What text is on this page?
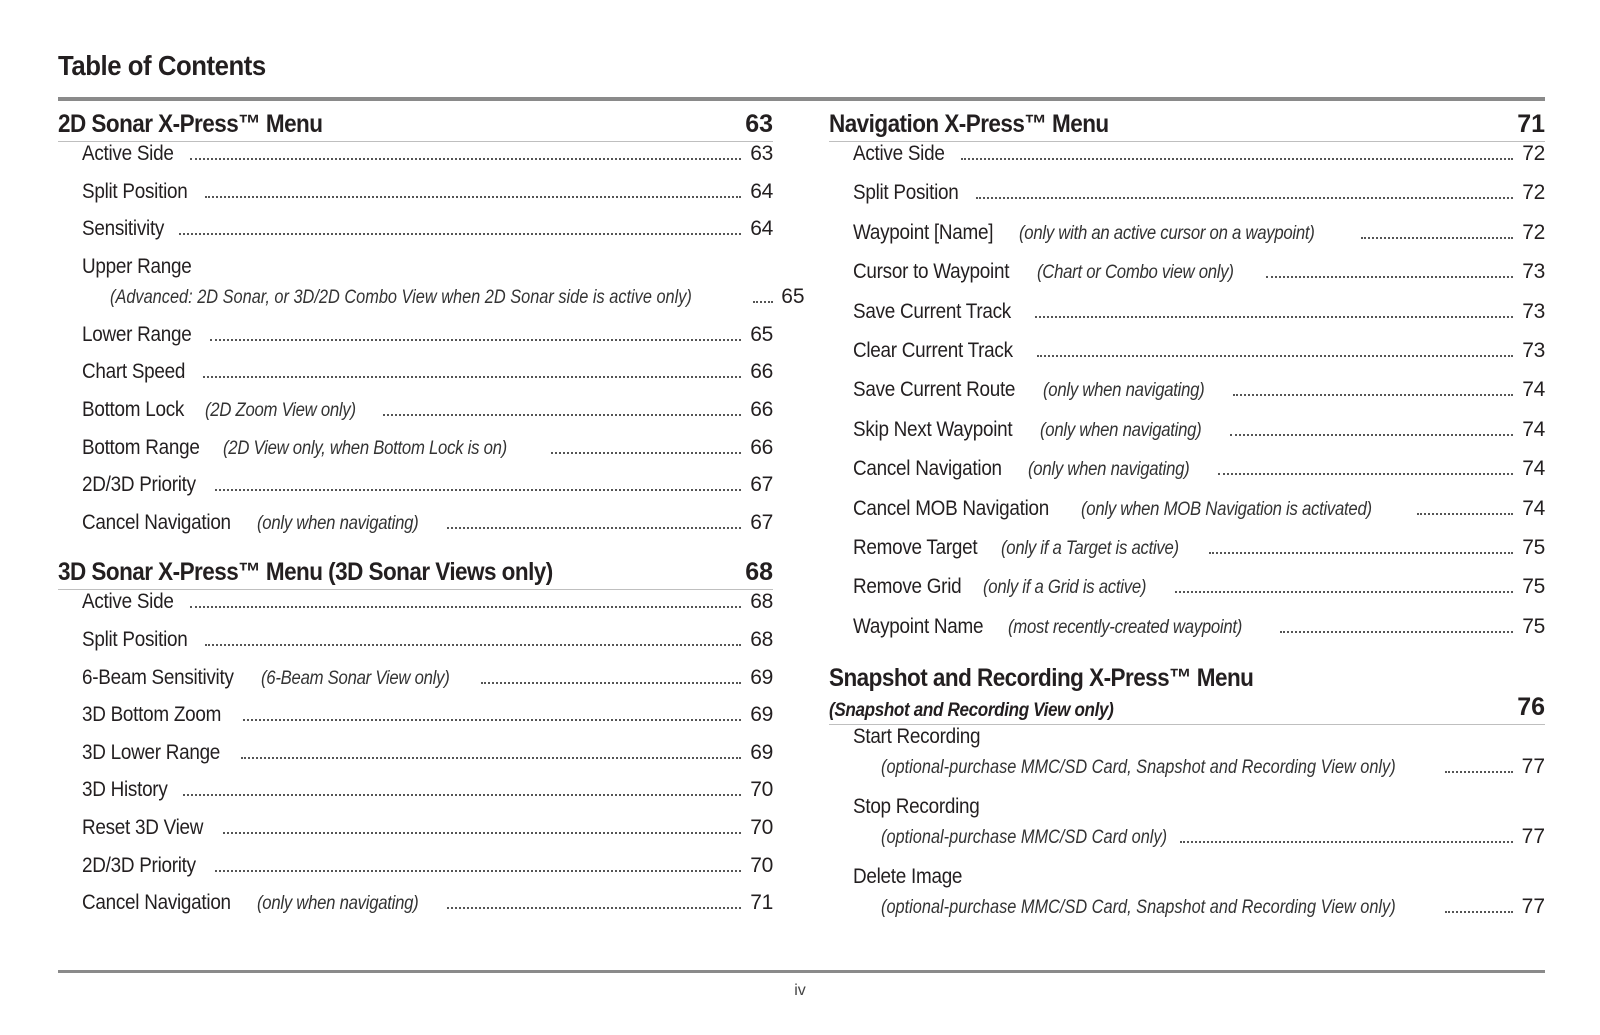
Table of Contents
2D Sonar X-Press™ Menu	63
Active Side	63
Split Position	64
Sensitivity	64
Upper Range
(Advanced: 2D Sonar, or 3D/2D Combo View when 2D Sonar side is active only)	65
Lower Range	65
Chart Speed	66
Bottom Lock (2D Zoom View only)	66
Bottom Range (2D View only, when Bottom Lock is on)	66
2D/3D Priority	67
Cancel Navigation (only when navigating)	67
3D Sonar X-Press™ Menu (3D Sonar Views only)	68
Active Side	68
Split Position	68
6-Beam Sensitivity (6-Beam Sonar View only)	69
3D Bottom Zoom	69
3D Lower Range	69
3D History	70
Reset 3D View	70
2D/3D Priority	70
Cancel Navigation (only when navigating)	71
Navigation X-Press™ Menu	71
Active Side	72
Split Position	72
Waypoint [Name] (only with an active cursor on a waypoint)	72
Cursor to Waypoint (Chart or Combo view only)	73
Save Current Track	73
Clear Current Track	73
Save Current Route (only when navigating)	74
Skip Next Waypoint (only when navigating)	74
Cancel Navigation (only when navigating)	74
Cancel MOB Navigation (only when MOB Navigation is activated)	74
Remove Target (only if a Target is active)	75
Remove Grid (only if a Grid is active)	75
Waypoint Name (most recently-created waypoint)	75
Snapshot and Recording X-Press™ Menu
(Snapshot and Recording View only)	76
Start Recording
(optional-purchase MMC/SD Card, Snapshot and Recording View only)	77
Stop Recording
(optional-purchase MMC/SD Card only)	77
Delete Image
(optional-purchase MMC/SD Card, Snapshot and Recording View only)	77
iv
